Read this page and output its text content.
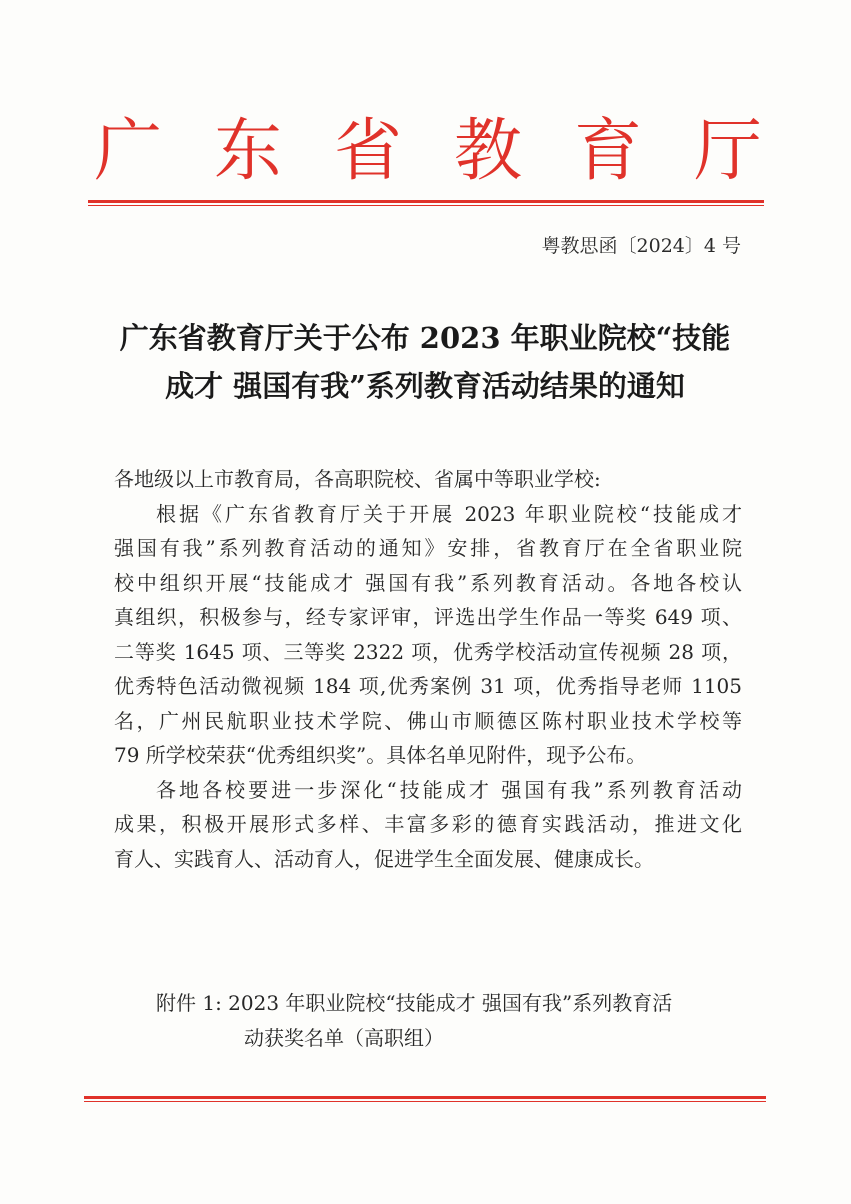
广 东 省 教 育 厅
粤教思函〔2024〕4 号
广东省教育厅关于公布 2023 年职业院校“技能
成才 强国有我”系列教育活动结果的通知
各地级以上市教育局，各高职院校、省属中等职业学校:
根据《广东省教育厅关于开展 2023 年职业院校“技能成才
强国有我”系列教育活动的通知》安排，省教育厅在全省职业院
校中组织开展“技能成才 强国有我”系列教育活动。各地各校认
真组织，积极参与，经专家评审，评选出学生作品一等奖 649 项、
二等奖 1645 项、三等奖 2322 项，优秀学校活动宣传视频 28 项，
优秀特色活动微视频 184 项,优秀案例 31 项，优秀指导老师 1105
名，广州民航职业技术学院、佛山市顺德区陈村职业技术学校等
79 所学校荣获“优秀组织奖”。具体名单见附件，现予公布。
各地各校要进一步深化“技能成才 强国有我”系列教育活动
成果，积极开展形式多样、丰富多彩的德育实践活动，推进文化
育人、实践育人、活动育人，促进学生全面发展、健康成长。
附件 1: 2023 年职业院校“技能成才 强国有我”系列教育活
动获奖名单（高职组）
